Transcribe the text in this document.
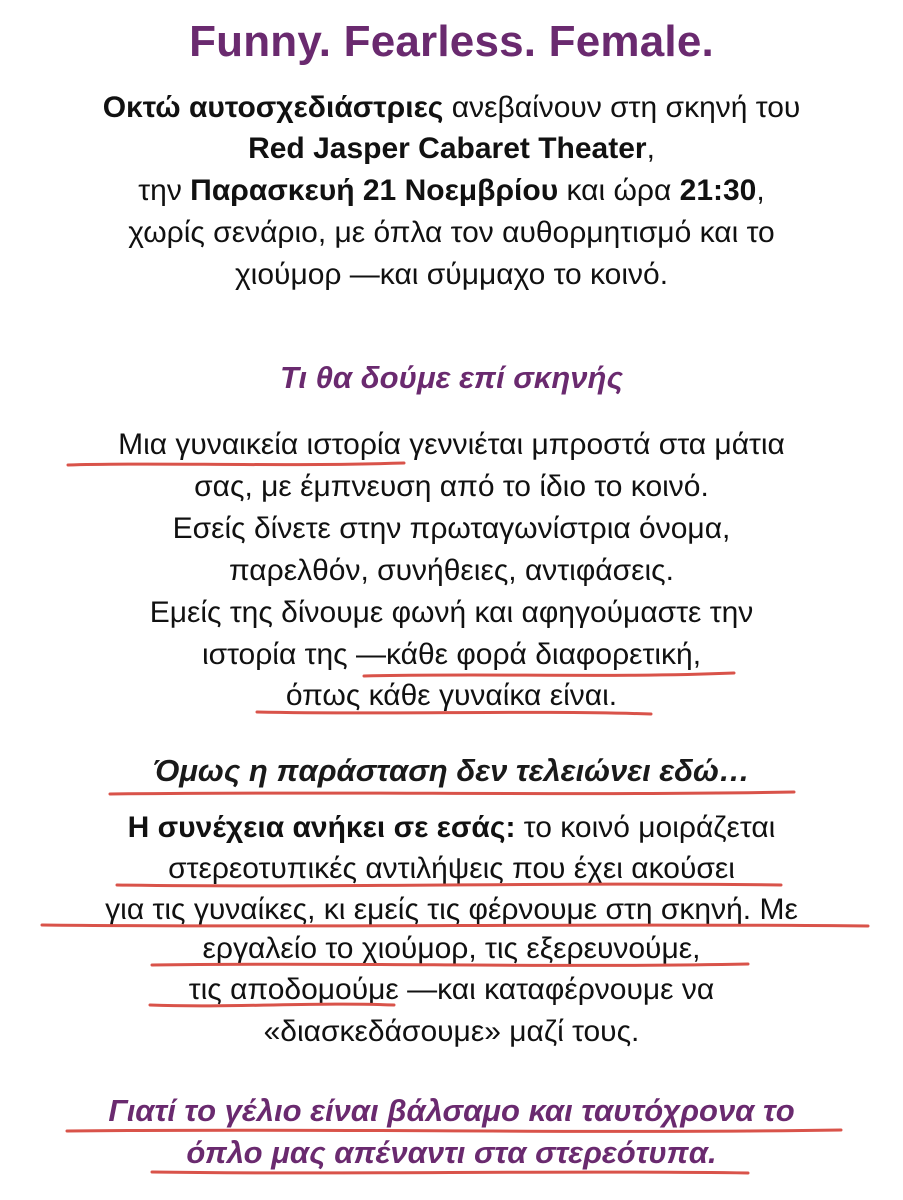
Funny. Fearless. Female.
Οκτώ αυτοσχεδιάστριες ανεβαίνουν στη σκηνή του
Red Jasper Cabaret Theater,
την Παρασκευή 21 Νοεμβρίου και ώρα 21:30,
χωρίς σενάριο, με όπλα τον αυθορμητισμό και το
χιούμορ —και σύμμαχο το κοινό.
Τι θα δούμε επί σκηνής
Μια γυναικεία ιστορία γεννιέται μπροστά στα μάτια
σας, με έμπνευση από το ίδιο το κοινό.
Εσείς δίνετε στην πρωταγωνίστρια όνομα,
παρελθόν, συνήθειες, αντιφάσεις.
Εμείς της δίνουμε φωνή και αφηγούμαστε την
ιστορία της —κάθε φορά διαφορετική,
όπως κάθε γυναίκα είναι.
Όμως η παράσταση δεν τελειώνει εδώ…
Η συνέχεια ανήκει σε εσάς: το κοινό μοιράζεται
στερεοτυπικές αντιλήψεις που έχει ακούσει
για τις γυναίκες, κι εμείς τις φέρνουμε στη σκηνή. Με
εργαλείο το χιούμορ, τις εξερευνούμε,
τις αποδομούμε —και καταφέρνουμε να
«διασκεδάσουμε» μαζί τους.
Γιατί το γέλιο είναι βάλσαμο και ταυτόχρονα το
όπλο μας απέναντι στα στερεότυπα.
